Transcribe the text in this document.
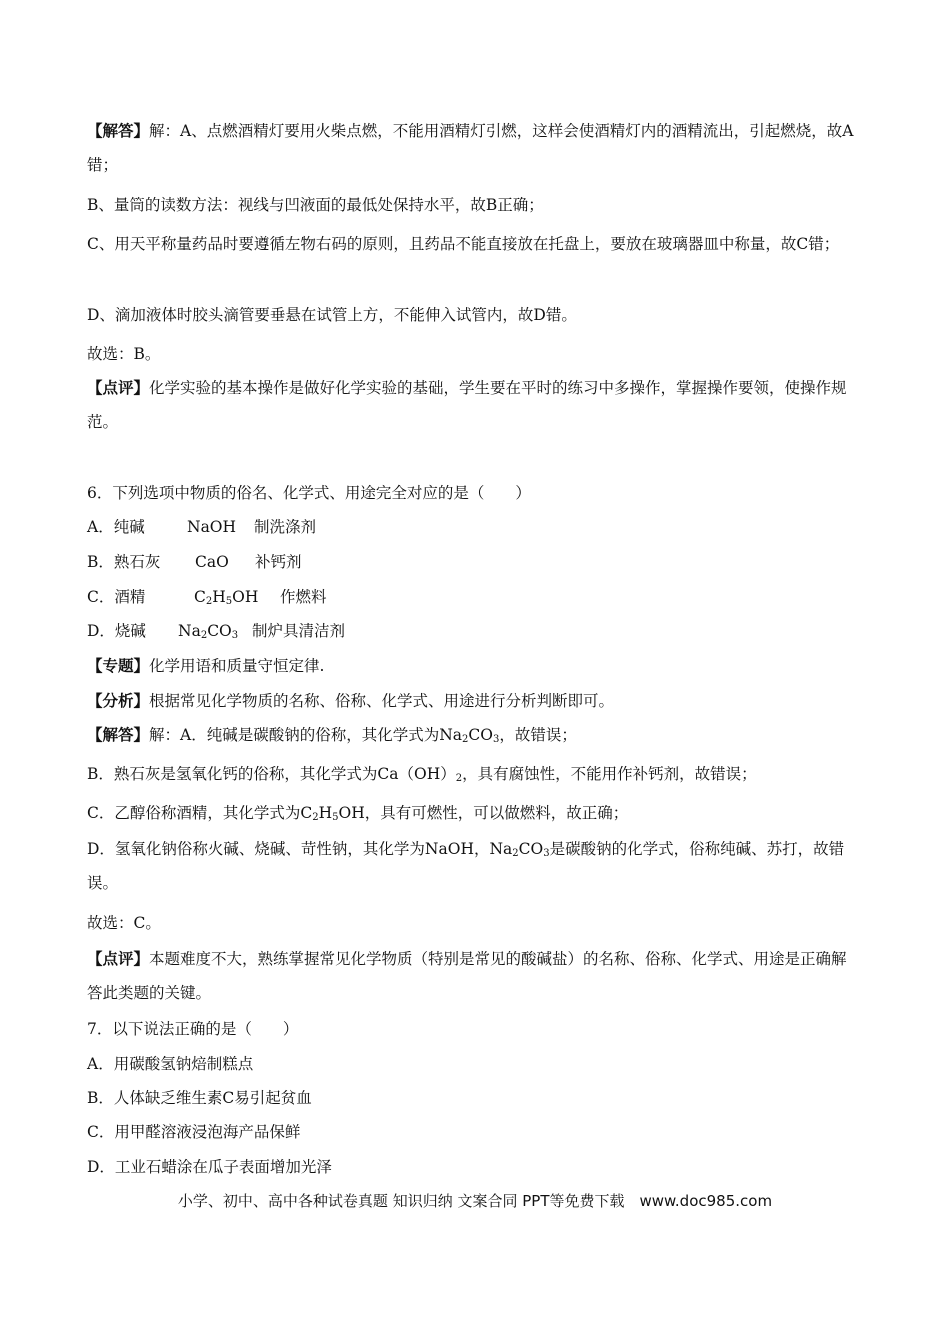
【解答】解：A、点燃酒精灯要用火柴点燃，不能用酒精灯引燃，这样会使酒精灯内的酒精流出，引起燃烧，故A错；
B、量筒的读数方法：视线与凹液面的最低处保持水平，故B正确；
C、用天平称量药品时要遵循左物右码的原则，且药品不能直接放在托盘上，要放在玻璃器皿中称量，故C错；
D、滴加液体时胶头滴管要垂悬在试管上方，不能伸入试管内，故D错。
故选：B。
【点评】化学实验的基本操作是做好化学实验的基础，学生要在平时的练习中多操作，掌握操作要领，使操作规范。
6．下列选项中物质的俗名、化学式、用途完全对应的是（　　）
A．纯碱	NaOH 制洗涤剂
B．熟石灰 CaO 补钙剂
C．酒精	$C_2H_5OH$ 作燃料
D．烧碱 $Na_2CO_3$ 制炉具清洁剂
【专题】化学用语和质量守恒定律.
【分析】根据常见化学物质的名称、俗称、化学式、用途进行分析判断即可。
【解答】解：A．纯碱是碳酸钠的俗称，其化学式为$Na_2CO_3$，故错误；
B．熟石灰是氢氧化钙的俗称，其化学式为$Ca(OH)_2$，具有腐蚀性，不能用作补钙剂，故错误；
C．乙醇俗称酒精，其化学式为$C_2H_5OH$，具有可燃性，可以做燃料，故正确；
D．氢氧化钠俗称火碱、烧碱、苛性钠，其化学为NaOH，$Na_2CO_3$是碳酸钠的化学式，俗称纯碱、苏打，故错误。
故选：C。
【点评】本题难度不大，熟练掌握常见化学物质（特别是常见的酸碱盐）的名称、俗称、化学式、用途是正确解答此类题的关键。
7．以下说法正确的是（　　）
A．用碳酸氢钠焙制糕点
B．人体缺乏维生素C易引起贫血
C．用甲醛溶液浸泡海产品保鲜
D．工业石蜡涂在瓜子表面增加光泽
小学、初中、高中各种试卷真题 知识归纳 文案合同 PPT等免费下载　www.doc985.com
